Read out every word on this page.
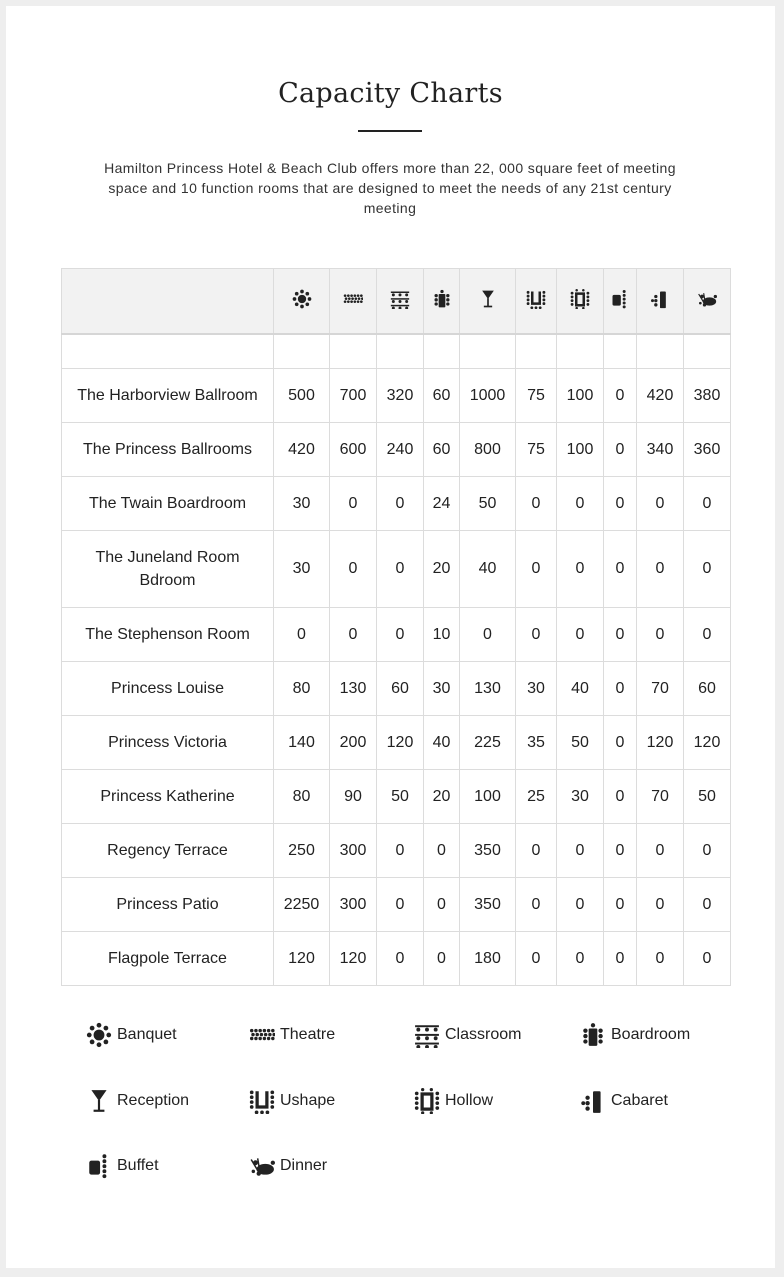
Capacity Charts
Hamilton Princess Hotel & Beach Club offers more than 22, 000 square feet of meeting space and 10 function rooms that are designed to meet the needs of any 21st century meeting

The Harborview Ballroom	500	700	320	60	1000	75	100	0	420	380
The Princess Ballrooms	420	600	240	60	800	75	100	0	340	360
The Twain Boardroom	30	0	0	24	50	0	0	0	0	0
The Juneland Room Bdroom	30	0	0	20	40	0	0	0	0	0
The Stephenson Room	0	0	0	10	0	0	0	0	0	0
Princess Louise	80	130	60	30	130	30	40	0	70	60
Princess Victoria	140	200	120	40	225	35	50	0	120	120
Princess Katherine	80	90	50	20	100	25	30	0	70	50
Regency Terrace	250	300	0	0	350	0	0	0	0	0
Princess Patio	2250	300	0	0	350	0	0	0	0	0
Flagpole Terrace	120	120	0	0	180	0	0	0	0	0
Banquet	Theatre	Classroom	Boardroom
Reception	Ushape	Hollow	Cabaret
Buffet	Dinner
